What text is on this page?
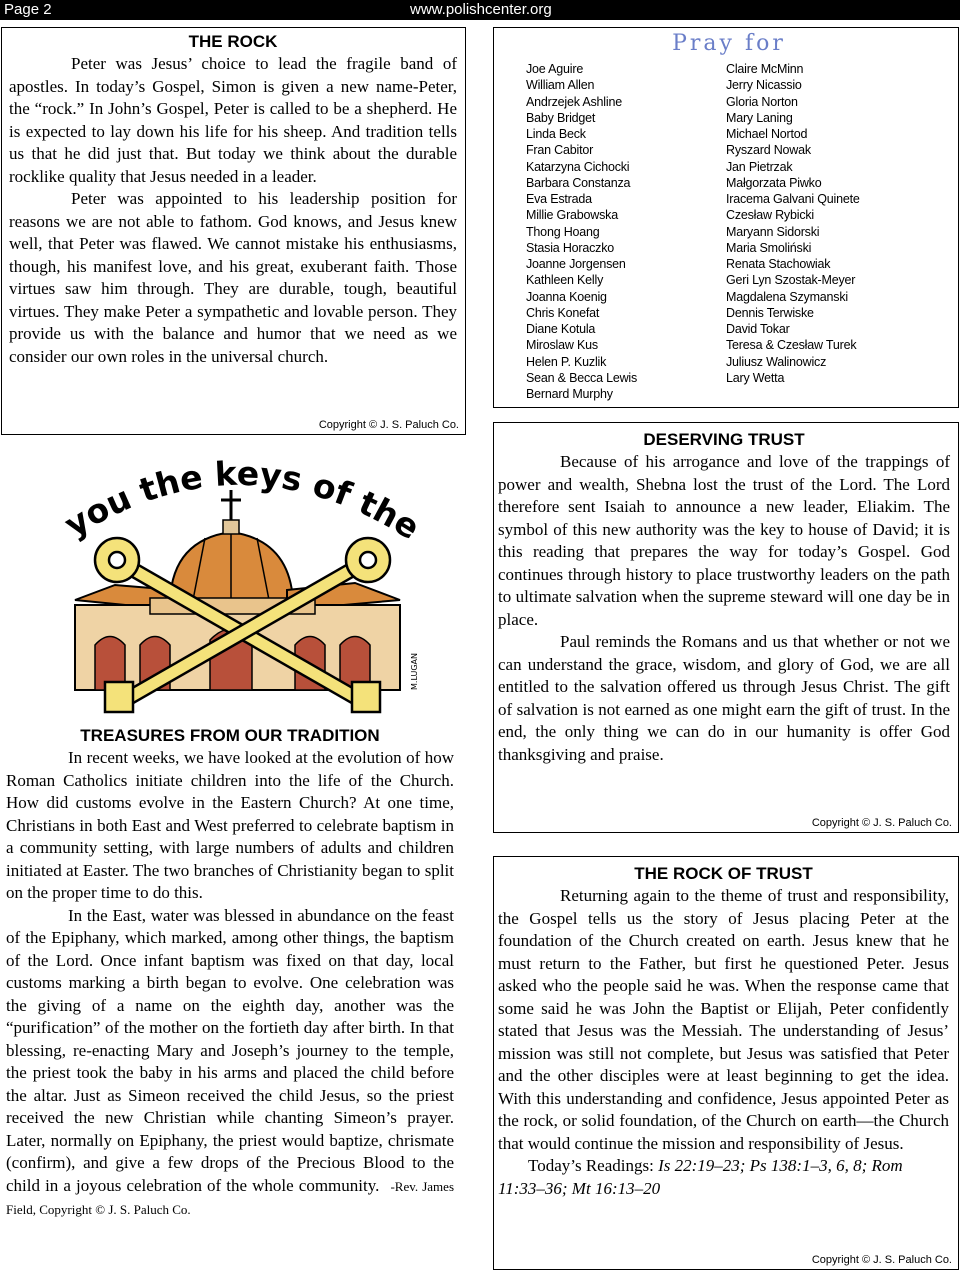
Page 2	www.polishcenter.org
THE ROCK

Peter was Jesus’ choice to lead the fragile band of apostles. In today’s Gospel, Simon is given a new name-Peter, the “rock.” In John’s Gospel, Peter is called to be a shepherd. He is expected to lay down his life for his sheep. And tradition tells us that he did just that. But today we think about the durable rocklike quality that Jesus needed in a leader.

Peter was appointed to his leadership position for reasons we are not able to fathom. God knows, and Jesus knew well, that Peter was flawed. We cannot mistake his enthusiasms, though, his manifest love, and his great, exuberant faith. Those virtues saw him through. They are durable, tough, beautiful virtues. They make Peter a sympathetic and lovable person. They provide us with the balance and humor that we need as we consider our own roles in the universal church.

Copyright © J. S. Paluch Co.
you the keys of the
M.LUGAN
Pray for
Joe Aguire
William Allen
Andrzejek Ashline
Baby Bridget
Linda Beck
Fran Cabitor
Katarzyna Cichocki
Barbara Constanza
Eva Estrada
Millie Grabowska
Thong Hoang
Stasia Horaczko
Joanne Jorgensen
Kathleen Kelly
Joanna Koenig
Chris Konefat
Diane Kotula
Miroslaw Kus
Helen P. Kuzlik
Sean & Becca Lewis
Bernard Murphy
Claire McMinn
Jerry Nicassio
Gloria Norton
Mary Laning
Michael Nortod
Ryszard Nowak
Jan Pietrzak
Małgorzata Piwko
Iracema Galvani Quinete
Czesław Rybicki
Maryann Sidorski
Maria Smoliński
Renata Stachowiak
Geri Lyn Szostak-Meyer
Magdalena Szymanski
Dennis Terwiske
David Tokar
Teresa & Czesław Turek
Juliusz Walinowicz
Lary Wetta
DESERVING TRUST

Because of his arrogance and love of the trappings of power and wealth, Shebna lost the trust of the Lord. The Lord therefore sent Isaiah to announce a new leader, Eliakim. The symbol of this new authority was the key to house of David; it is this reading that prepares the way for today’s Gospel. God continues through history to place trustworthy leaders on the path to ultimate salvation when the supreme steward will one day be in place.

Paul reminds the Romans and us that whether or not we can understand the grace, wisdom, and glory of God, we are all entitled to the salvation offered us through Jesus Christ. The gift of salvation is not earned as one might earn the gift of trust. In the end, the only thing we can do in our humanity is offer God thanksgiving and praise.

Copyright © J. S. Paluch Co.
TREASURES FROM OUR TRADITION

In recent weeks, we have looked at the evolution of how Roman Catholics initiate children into the life of the Church. How did customs evolve in the Eastern Church? At one time, Christians in both East and West preferred to celebrate baptism in a community setting, with large numbers of adults and children initiated at Easter. The two branches of Christianity began to split on the proper time to do this.

In the East, water was blessed in abundance on the feast of the Epiphany, which marked, among other things, the baptism of the Lord. Once infant baptism was fixed on that day, local customs marking a birth began to evolve. One celebration was the giving of a name on the eighth day, another was the “purification” of the mother on the fortieth day after birth. In that blessing, re-enacting Mary and Joseph’s journey to the temple, the priest took the baby in his arms and placed the child before the altar. Just as Simeon received the child Jesus, so the priest received the new Christian while chanting Simeon’s prayer. Later, normally on Epiphany, the priest would baptize, chrismate (confirm), and give a few drops of the Precious Blood to the child in a joyous celebration of the whole community. -Rev. James Field, Copyright © J. S. Paluch Co.

THE ROCK OF TRUST

Returning again to the theme of trust and responsibility, the Gospel tells us the story of Jesus placing Peter at the foundation of the Church created on earth. Jesus knew that he must return to the Father, but first he questioned Peter. Jesus asked who the people said he was. When the response came that some said he was John the Baptist or Elijah, Peter confidently stated that Jesus was the Messiah. The understanding of Jesus’ mission was still not complete, but Jesus was satisfied that Peter and the other disciples were at least beginning to get the idea. With this understanding and confidence, Jesus appointed Peter as the rock, or solid foundation, of the Church on earth—the Church that would continue the mission and responsibility of Jesus.

Today’s Readings: Is 22:19–23; Ps 138:1–3, 6, 8; Rom 11:33–36; Mt 16:13–20

Copyright © J. S. Paluch Co.
